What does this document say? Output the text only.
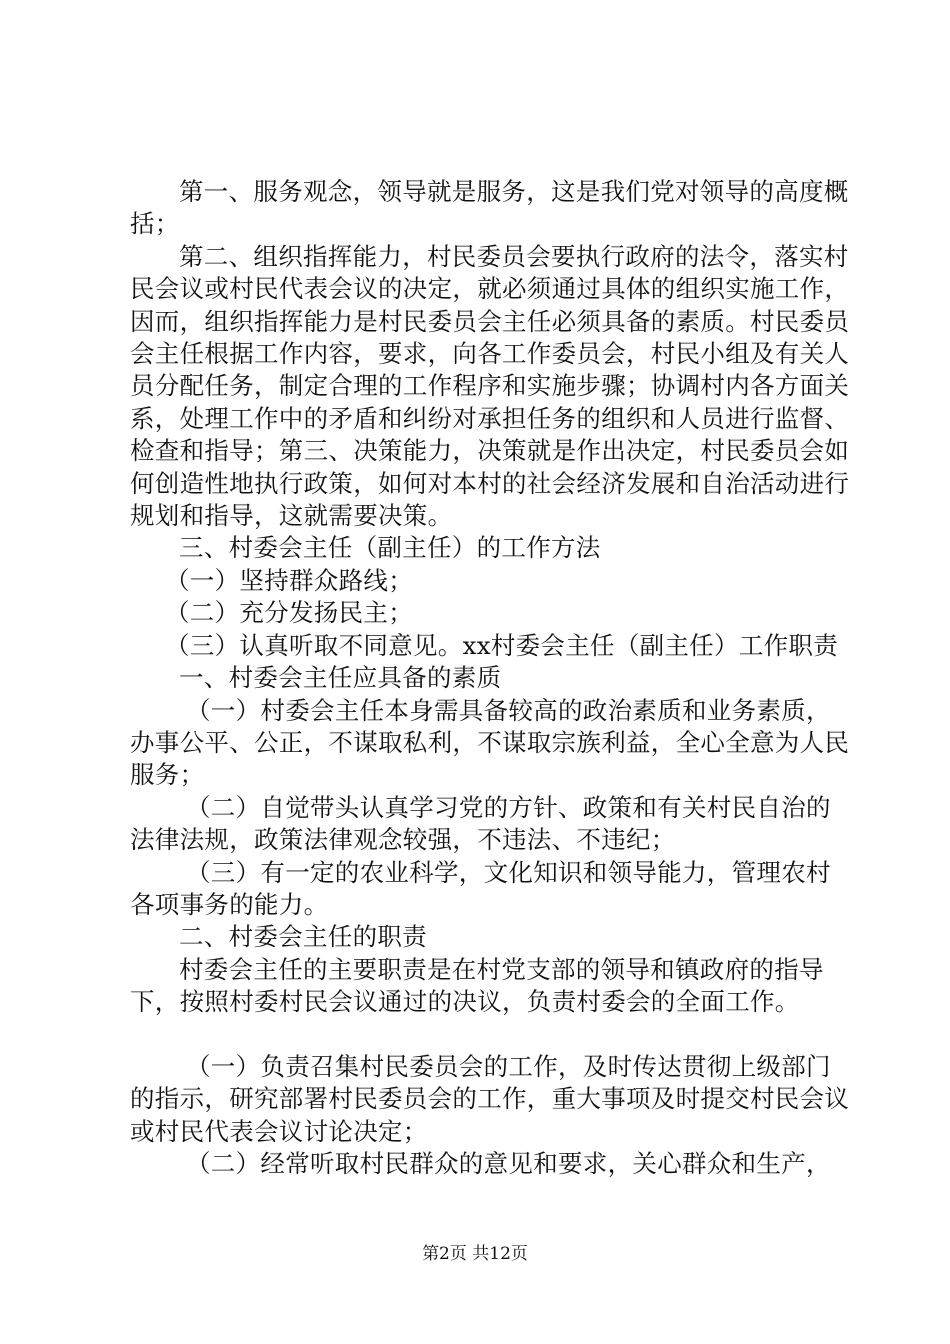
第一、服务观念，领导就是服务，这是我们党对领导的高度概括；

第二、组织指挥能力，村民委员会要执行政府的法令，落实村民会议或村民代表会议的决定，就必须通过具体的组织实施工作，因而，组织指挥能力是村民委员会主任必须具备的素质。村民委员会主任根据工作内容，要求，向各工作委员会，村民小组及有关人员分配任务，制定合理的工作程序和实施步骤；协调村内各方面关系，处理工作中的矛盾和纠纷对承担任务的组织和人员进行监督、检查和指导；第三、决策能力，决策就是作出决定，村民委员会如何创造性地执行政策，如何对本村的社会经济发展和自治活动进行规划和指导，这就需要决策。

三、村委会主任（副主任）的工作方法

（一）坚持群众路线；

（二）充分发扬民主；

（三）认真听取不同意见。xx村委会主任（副主任）工作职责

一、村委会主任应具备的素质

（一）村委会主任本身需具备较高的政治素质和业务素质，办事公平、公正，不谋取私利，不谋取宗族利益，全心全意为人民服务；

（二）自觉带头认真学习党的方针、政策和有关村民自治的法律法规，政策法律观念较强，不违法、不违纪；

（三）有一定的农业科学，文化知识和领导能力，管理农村各项事务的能力。

二、村委会主任的职责

村委会主任的主要职责是在村党支部的领导和镇政府的指导下，按照村委村民会议通过的决议，负责村委会的全面工作。

（一）负责召集村民委员会的工作，及时传达贯彻上级部门的指示，研究部署村民委员会的工作，重大事项及时提交村民会议或村民代表会议讨论决定；

（二）经常听取村民群众的意见和要求，关心群众和生产，

第2页 共12页
